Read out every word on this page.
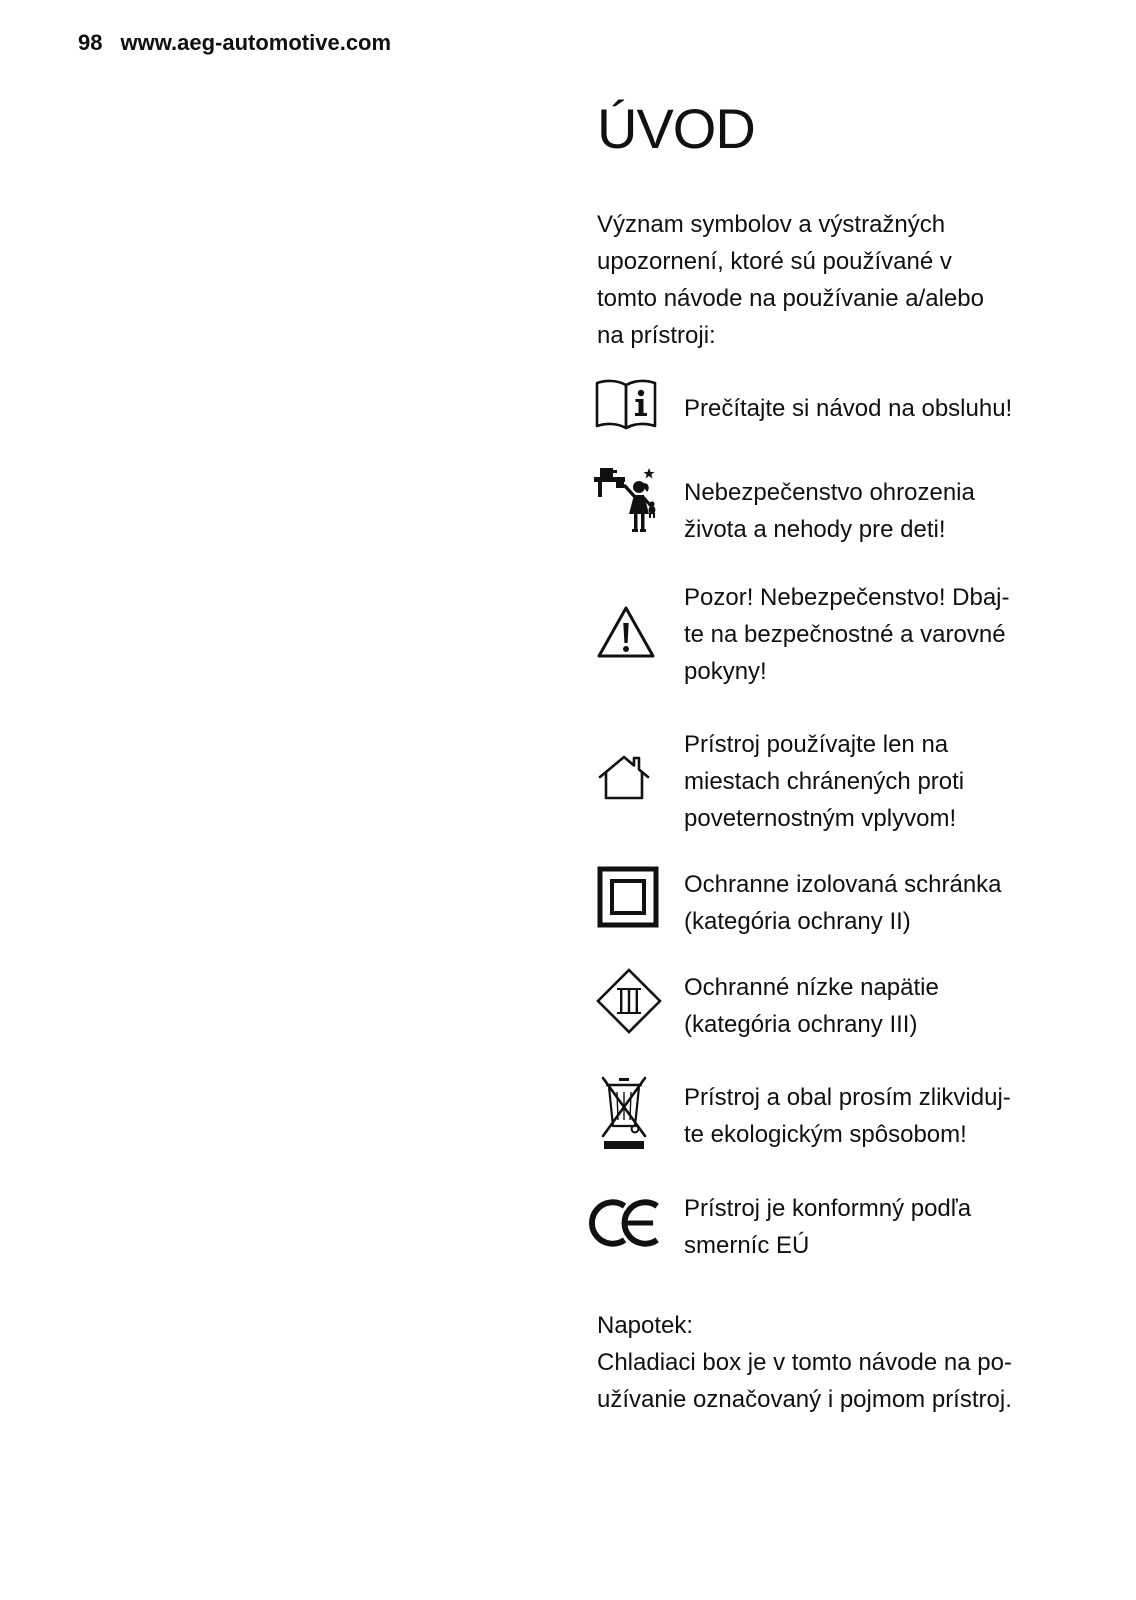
98 www.aeg-automotive.com
ÚVOD
Význam symbolov a výstražných
upozornení, ktoré sú používané v
tomto návode na používanie a/alebo
na prístroji:
Prečítajte si návod na obsluhu!
Nebezpečenstvo ohrozenia
života a nehody pre deti!
Pozor! Nebezpečenstvo! Dbaj-
te na bezpečnostné a varovné
pokyny!
Prístroj používajte len na
miestach chránených proti
poveternostným vplyvom!
Ochranne izolovaná schránka
(kategória ochrany II)
Ochranné nízke napätie
(kategória ochrany III)
Prístroj a obal prosím zlikviduj-
te ekologickým spôsobom!
Prístroj je konformný podľa
smerníc EÚ
Napotek:
Chladiaci box je v tomto návode na po-
užívanie označovaný i pojmom prístroj.
